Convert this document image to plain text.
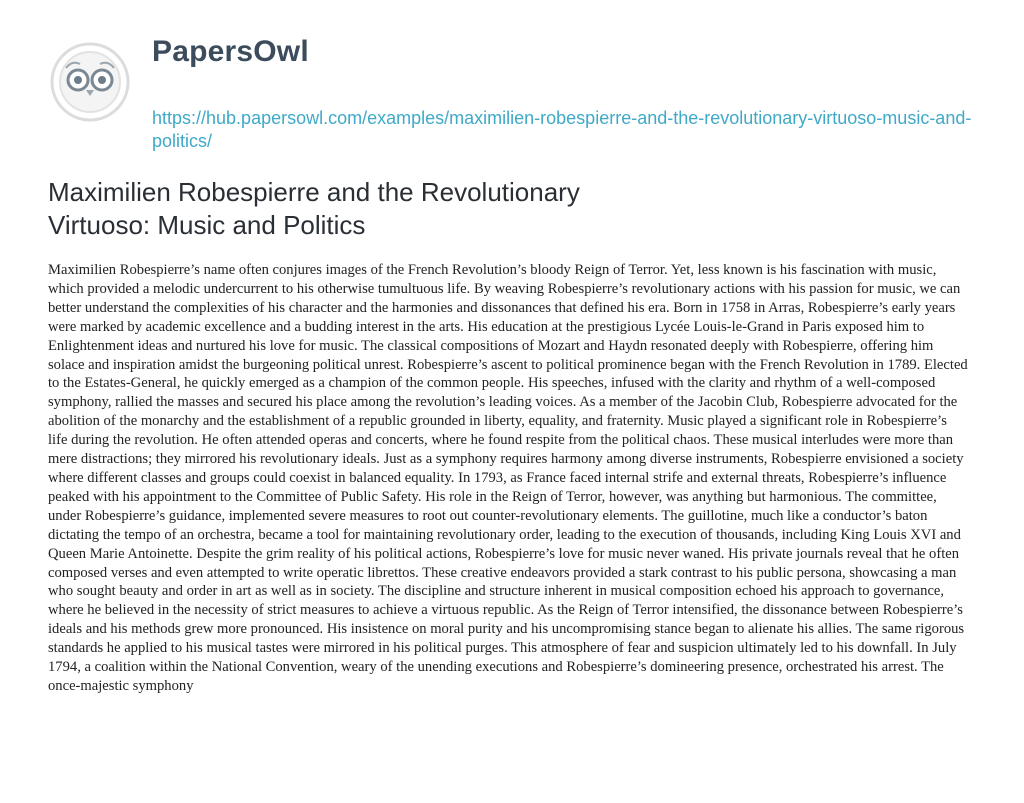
PapersOwl
https://hub.papersowl.com/examples/maximilien-robespierre-and-the-revolutionary-virtuoso-music-and-politics/
Maximilien Robespierre and the Revolutionary Virtuoso: Music and Politics

Maximilien Robespierre’s name often conjures images of the French Revolution’s bloody Reign of Terror. Yet, less known is his fascination with music, which provided a melodic undercurrent to his otherwise tumultuous life. By weaving Robespierre’s revolutionary actions with his passion for music, we can better understand the complexities of his character and the harmonies and dissonances that defined his era. Born in 1758 in Arras, Robespierre’s early years were marked by academic excellence and a budding interest in the arts. His education at the prestigious Lycée Louis-le-Grand in Paris exposed him to Enlightenment ideas and nurtured his love for music. The classical compositions of Mozart and Haydn resonated deeply with Robespierre, offering him solace and inspiration amidst the burgeoning political unrest. Robespierre’s ascent to political prominence began with the French Revolution in 1789. Elected to the Estates-General, he quickly emerged as a champion of the common people. His speeches, infused with the clarity and rhythm of a well-composed symphony, rallied the masses and secured his place among the revolution’s leading voices. As a member of the Jacobin Club, Robespierre advocated for the abolition of the monarchy and the establishment of a republic grounded in liberty, equality, and fraternity. Music played a significant role in Robespierre’s life during the revolution. He often attended operas and concerts, where he found respite from the political chaos. These musical interludes were more than mere distractions; they mirrored his revolutionary ideals. Just as a symphony requires harmony among diverse instruments, Robespierre envisioned a society where different classes and groups could coexist in balanced equality. In 1793, as France faced internal strife and external threats, Robespierre’s influence peaked with his appointment to the Committee of Public Safety. His role in the Reign of Terror, however, was anything but harmonious. The committee, under Robespierre’s guidance, implemented severe measures to root out counter-revolutionary elements. The guillotine, much like a conductor’s baton dictating the tempo of an orchestra, became a tool for maintaining revolutionary order, leading to the execution of thousands, including King Louis XVI and Queen Marie Antoinette. Despite the grim reality of his political actions, Robespierre’s love for music never waned. His private journals reveal that he often composed verses and even attempted to write operatic librettos. These creative endeavors provided a stark contrast to his public persona, showcasing a man who sought beauty and order in art as well as in society. The discipline and structure inherent in musical composition echoed his approach to governance, where he believed in the necessity of strict measures to achieve a virtuous republic. As the Reign of Terror intensified, the dissonance between Robespierre’s ideals and his methods grew more pronounced. His insistence on moral purity and his uncompromising stance began to alienate his allies. The same rigorous standards he applied to his musical tastes were mirrored in his political purges. This atmosphere of fear and suspicion ultimately led to his downfall. In July 1794, a coalition within the National Convention, weary of the unending executions and Robespierre’s domineering presence, orchestrated his arrest. The once-majestic symphony
